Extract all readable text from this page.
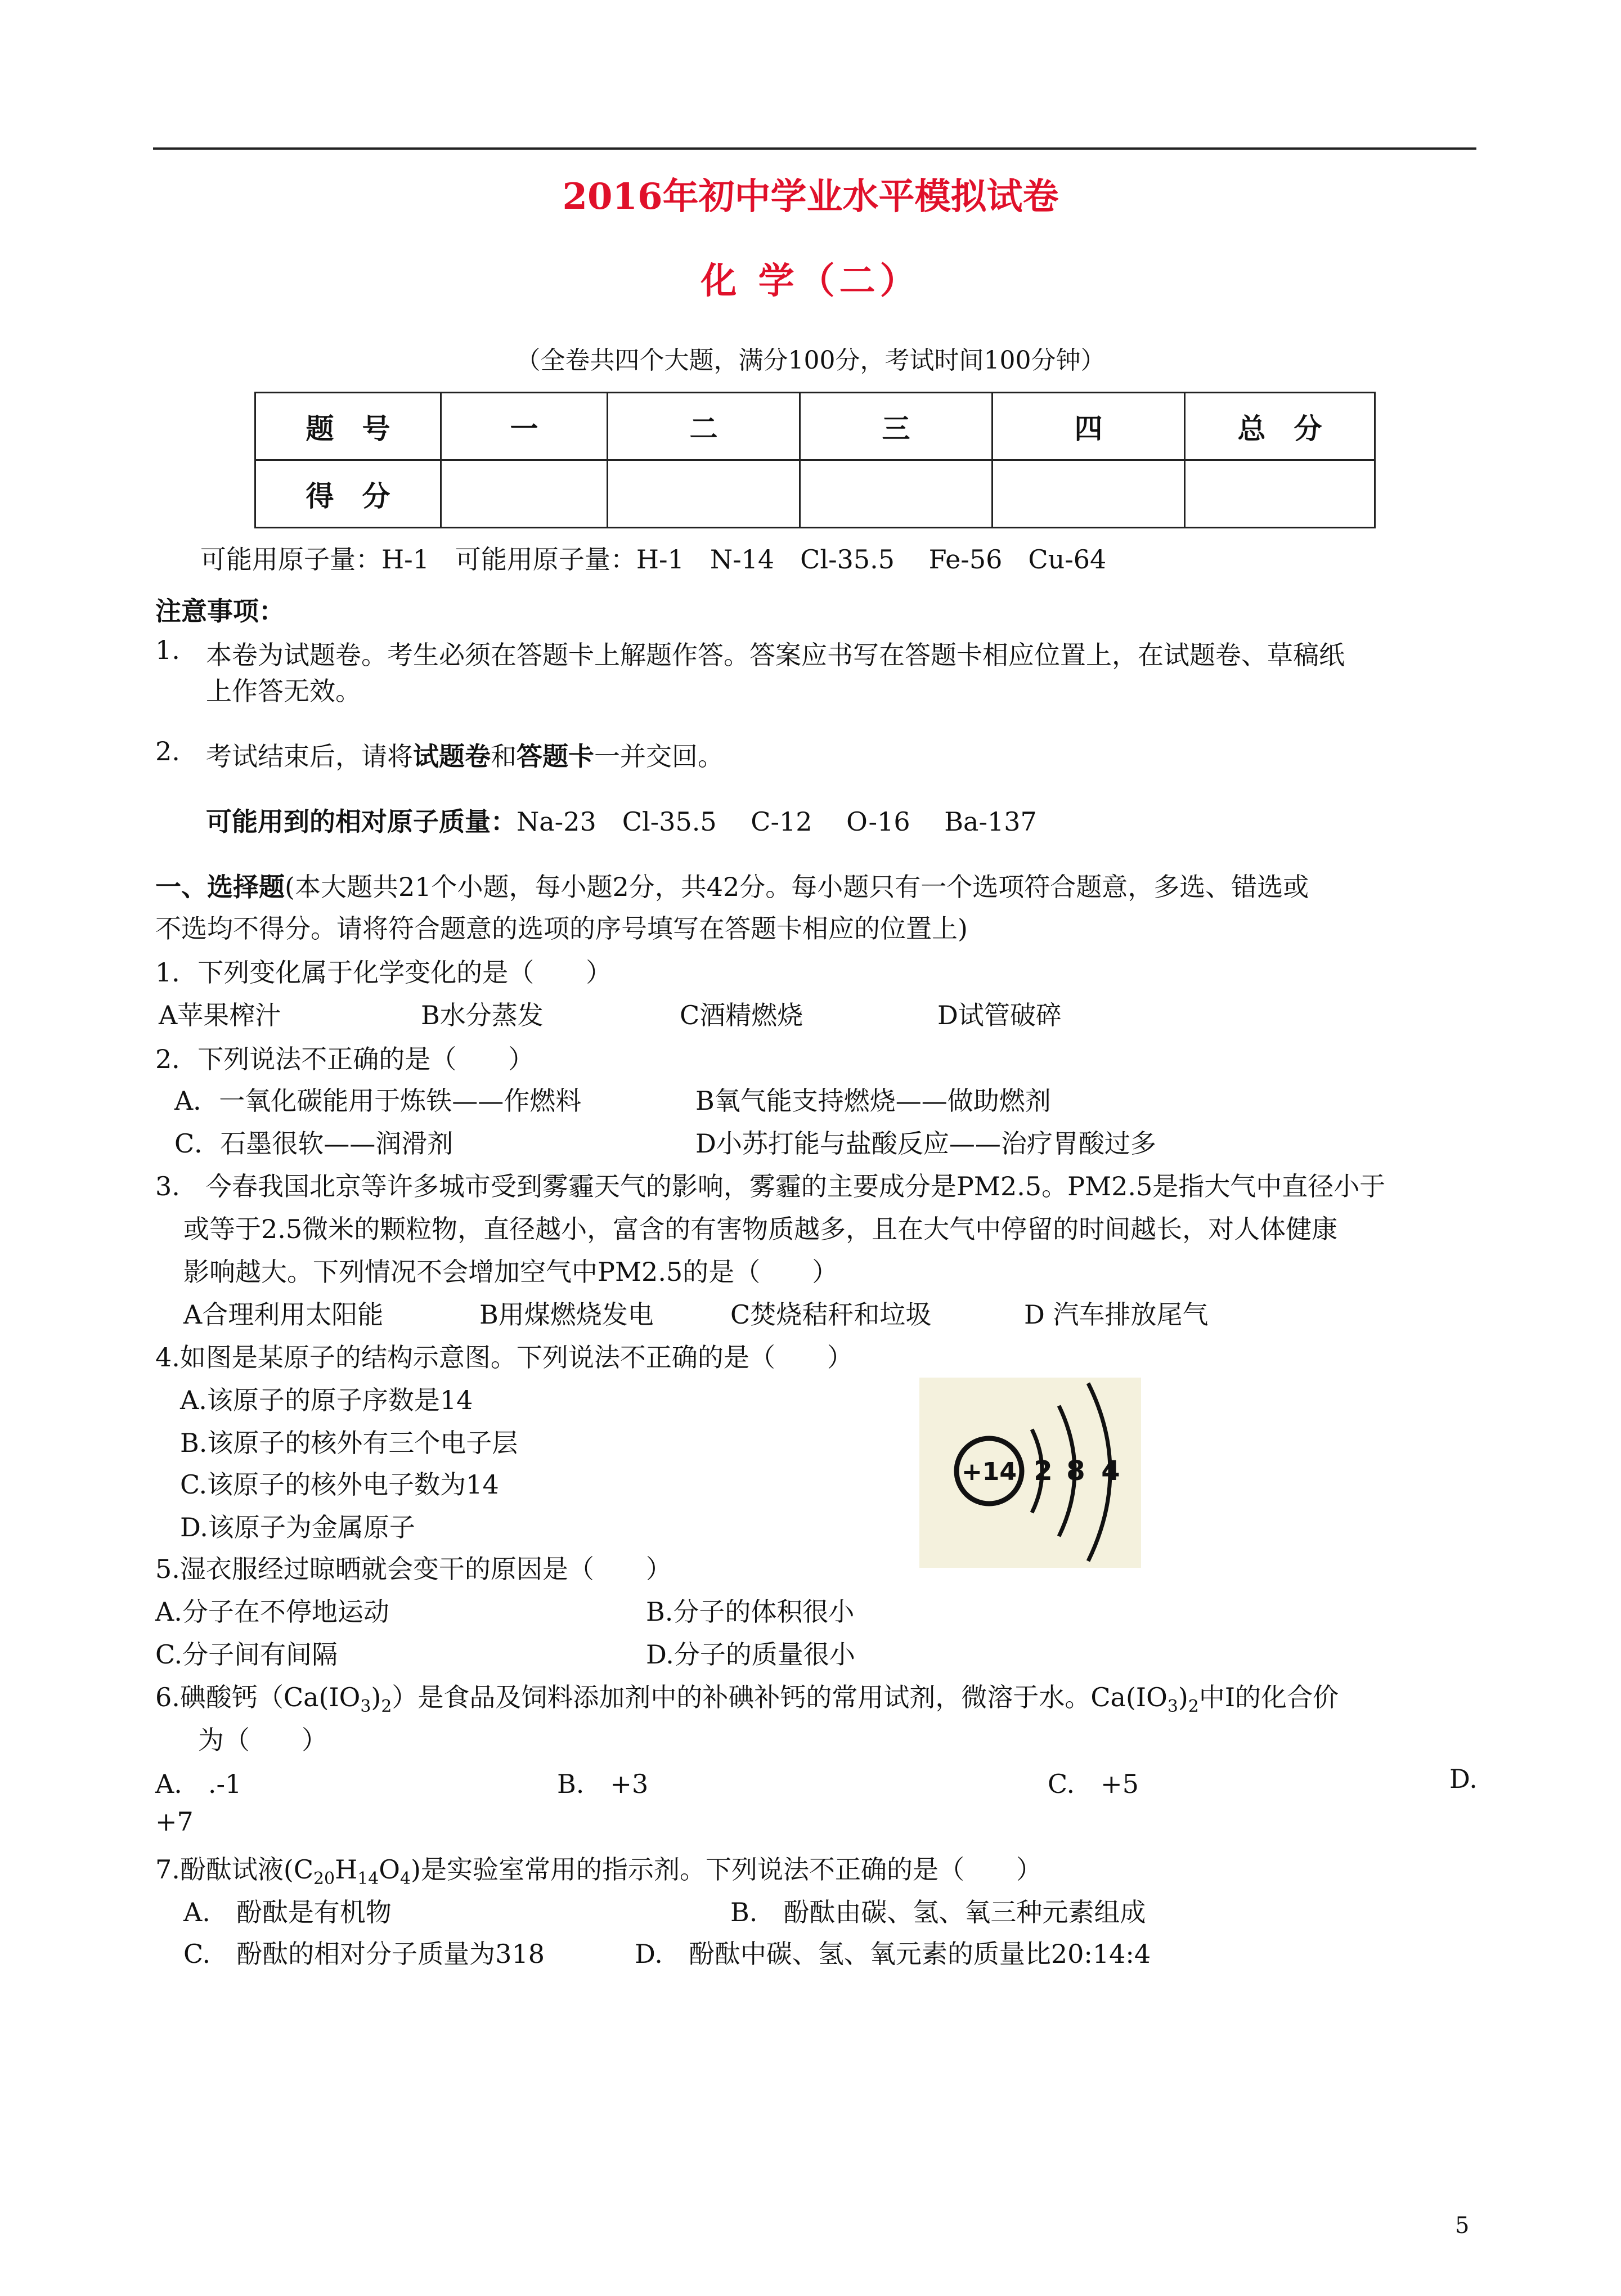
2016年初中学业水平模拟试卷
化 学（二）
（全卷共四个大题，满分100分，考试时间100分钟）
题　号	一	二	三	四	总　分
得　分					
可能用原子量：H-1　可能用原子量：H-1　N-14　Cl-35.5　 Fe-56　Cu-64
注意事项：
1. 本卷为试题卷。考生必须在答题卡上解题作答。答案应书写在答题卡相应位置上，在试题卷、草稿纸
上作答无效。
2. 考试结束后，请将试题卷和答题卡一并交回。
可能用到的相对原子质量：Na-23　Cl-35.5　 C-12　 O-16　 Ba-137
一、选择题(本大题共21个小题，每小题2分，共42分。每小题只有一个选项符合题意，多选、错选或
不选均不得分。请将符合题意的选项的序号填写在答题卡相应的位置上)
1．下列变化属于化学变化的是（　　）
A苹果榨汁	B水分蒸发	C酒精燃烧	D试管破碎
2．下列说法不正确的是（　　）
A．一氧化碳能用于炼铁——作燃料	B氧气能支持燃烧——做助燃剂
C．石墨很软——润滑剂	D小苏打能与盐酸反应——治疗胃酸过多
3.　今春我国北京等许多城市受到雾霾天气的影响，雾霾的主要成分是PM2.5。PM2.5是指大气中直径小于
或等于2.5微米的颗粒物，直径越小，富含的有害物质越多，且在大气中停留的时间越长，对人体健康
影响越大。下列情况不会增加空气中PM2.5的是（　　）
A合理利用太阳能	B用煤燃烧发电	C焚烧秸秆和垃圾	D 汽车排放尾气
4.如图是某原子的结构示意图。下列说法不正确的是（　　）
A.该原子的原子序数是14
B.该原子的核外有三个电子层
C.该原子的核外电子数为14
D.该原子为金属原子
+14 2 8 4
5.湿衣服经过晾晒就会变干的原因是（　　）
A.分子在不停地运动	B.分子的体积很小
C.分子间有间隔	D.分子的质量很小
6.碘酸钙$(Ca(IO_3)_2)$是食品及饲料添加剂中的补碘补钙的常用试剂，微溶于水。$Ca(IO_3)_2$中I的化合价
为（　　）
A.　.-1	B.　+3	C.　+5	D.
+7
7.酚酞试液$(C_{20}H_{14}O_4)$是实验室常用的指示剂。下列说法不正确的是（　　）
A.　酚酞是有机物	B.　酚酞由碳、氢、氧三种元素组成
C.　酚酞的相对分子质量为318	D.　酚酞中碳、氢、氧元素的质量比20:14:4
5
